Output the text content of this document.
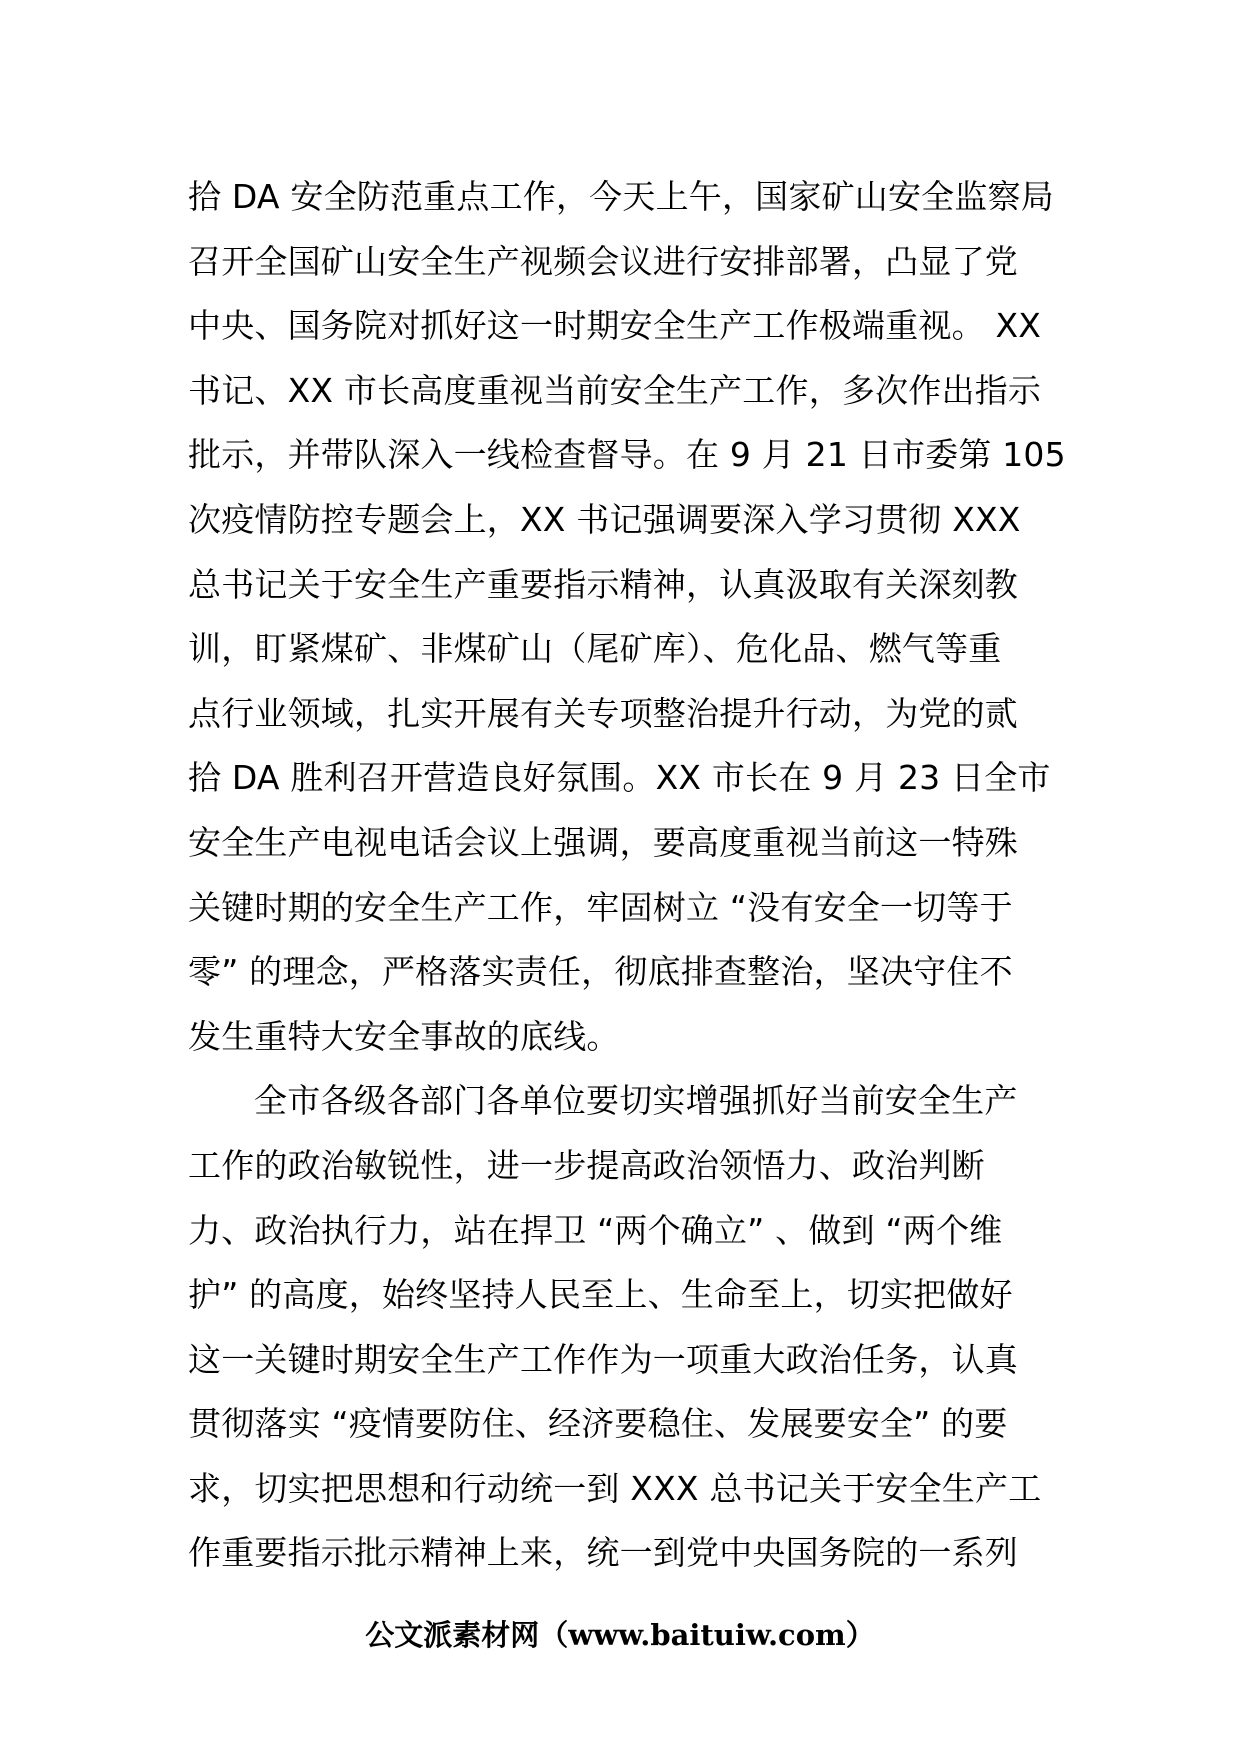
拾 DA 安全防范重点工作，今天上午，国家矿山安全监察局
召开全国矿山安全生产视频会议进行安排部署，凸显了党
中央、国务院对抓好这一时期安全生产工作极端重视。 XX
书记、XX 市长高度重视当前安全生产工作，多次作出指示
批示，并带队深入一线检查督导。在 9 月 21 日市委第 105
次疫情防控专题会上，XX 书记强调要深入学习贯彻 XXX
总书记关于安全生产重要指示精神，认真汲取有关深刻教
训，盯紧煤矿、非煤矿山（尾矿库）、危化品、燃气等重
点行业领域，扎实开展有关专项整治提升行动，为党的贰
拾 DA 胜利召开营造良好氛围。XX 市长在 9 月 23 日全市
安全生产电视电话会议上强调，要高度重视当前这一特殊
关键时期的安全生产工作，牢固树立 “没有安全一切等于
零” 的理念，严格落实责任，彻底排查整治，坚决守住不
发生重特大安全事故的底线。
全市各级各部门各单位要切实增强抓好当前安全生产
工作的政治敏锐性，进一步提高政治领悟力、政治判断
力、政治执行力，站在捍卫 “两个确立” 、做到 “两个维
护” 的高度，始终坚持人民至上、生命至上，切实把做好
这一关键时期安全生产工作作为一项重大政治任务，认真
贯彻落实 “疫情要防住、经济要稳住、发展要安全” 的要
求，切实把思想和行动统一到 XXX 总书记关于安全生产工
作重要指示批示精神上来，统一到党中央国务院的一系列
公文派素材网（www.baituiw.com）
